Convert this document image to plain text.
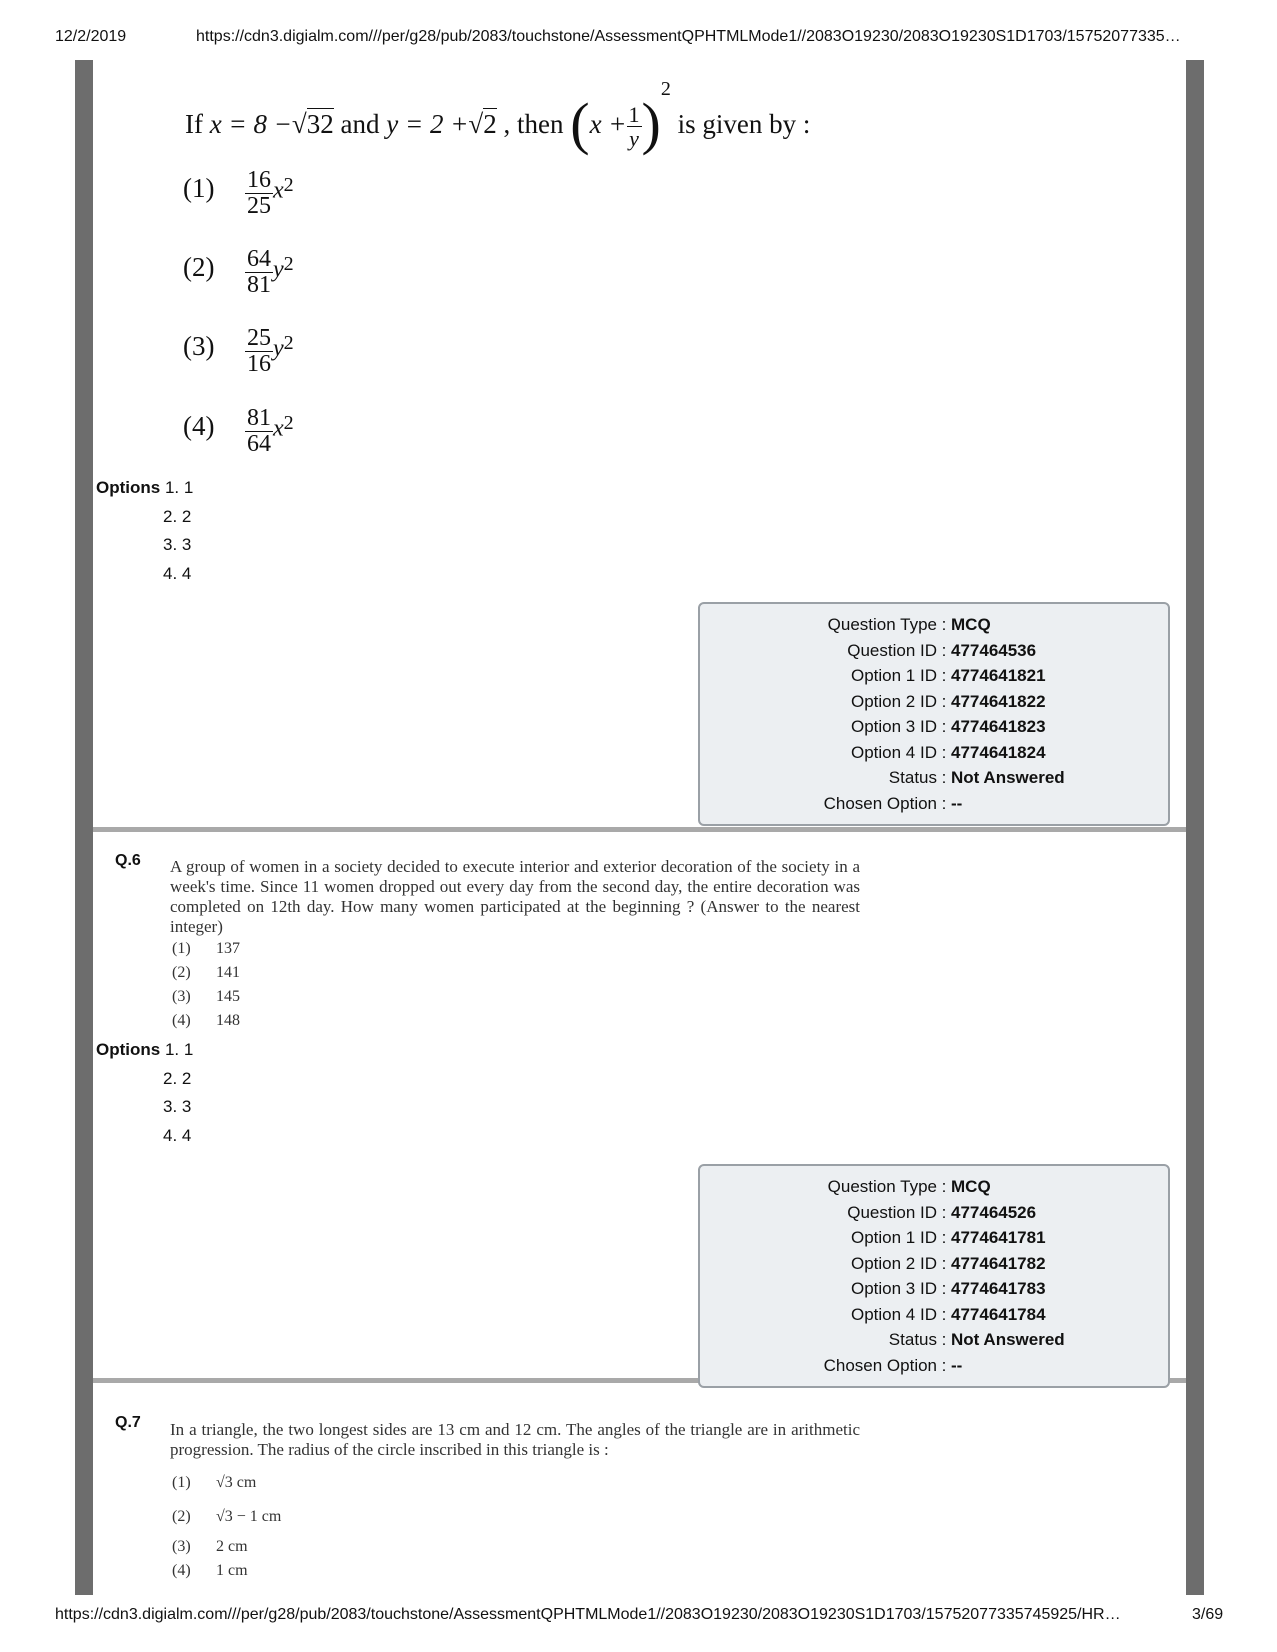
12/2/2019	https://cdn3.digialm.com///per/g28/pub/2083/touchstone/AssessmentQPHTMLMode1//2083O19230/2083O19230S1D1703/15752077335…
https://cdn3.digialm.com///per/g28/pub/2083/touchstone/AssessmentQPHTMLMode1//2083O19230/2083O19230S1D1703/15752077335745925/HR…	3/69
If x = 8 −√32 and y = 2 +√2 , then $(x + \frac{1}{y})^2$ is given by :
$(1) \frac{16}{25} x^2$
$(2) \frac{64}{81} y^2$
$(3) \frac{25}{16} y^2$
$(4) \frac{81}{64} x^2$
Options 1. 1
2. 2
3. 3
4. 4
Question Type : MCQ
Question ID : 477464536
Option 1 ID : 4774641821
Option 2 ID : 4774641822
Option 3 ID : 4774641823
Option 4 ID : 4774641824
Status : Not Answered
Chosen Option : --
Q.6 A group of women in a society decided to execute interior and exterior decoration of the society in a week's time. Since 11 women dropped out every day from the second day, the entire decoration was completed on 12th day. How many women participated at the beginning ? (Answer to the nearest integer)
(1) 137
(2) 141
(3) 145
(4) 148
Options 1. 1
2. 2
3. 3
4. 4
Question Type : MCQ
Question ID : 477464526
Option 1 ID : 4774641781
Option 2 ID : 4774641782
Option 3 ID : 4774641783
Option 4 ID : 4774641784
Status : Not Answered
Chosen Option : --
Q.7 In a triangle, the two longest sides are 13 cm and 12 cm. The angles of the triangle are in arithmetic progression. The radius of the circle inscribed in this triangle is :
(1) √3 cm
(2) √3 − 1 cm
(3) 2 cm
(4) 1 cm
